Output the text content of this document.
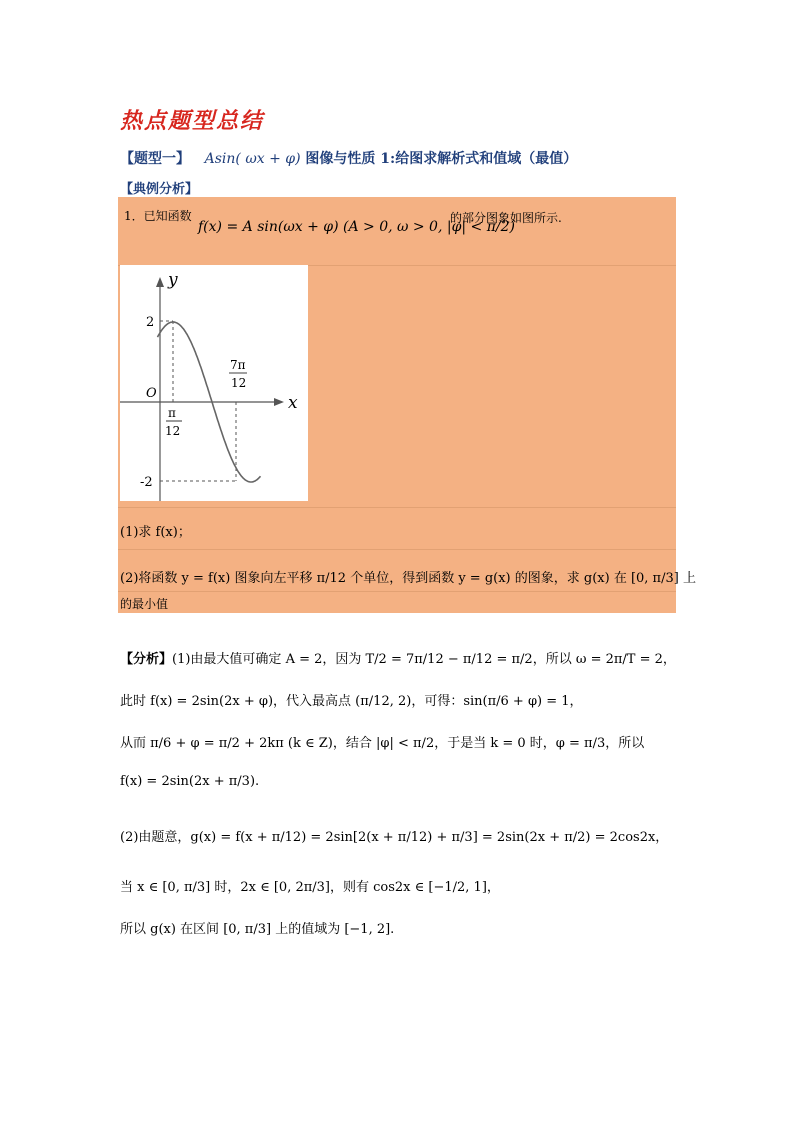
热点题型总结
【题型一】 Asin( ωx + φ) 图像与性质 1:给图求解析式和值域（最值）
【典例分析】
1．已知函数
f(x) = A sin(ωx + φ) (A > 0, ω > 0, |φ| < π/2)
的部分图象如图所示.
y
x
O
2
-2
π
12
7π
12
(1)求 f(x)；
(2)将函数 y = f(x) 图象向左平移 π/12 个单位，得到函数 y = g(x) 的图象，求 g(x) 在 [0, π/3] 上
的最小值
【分析】(1)由最大值可确定 A = 2，因为 T/2 = 7π/12 − π/12 = π/2，所以 ω = 2π/T = 2，
此时 f(x) = 2sin(2x + φ)，代入最高点 (π/12, 2)，可得：sin(π/6 + φ) = 1，
从而 π/6 + φ = π/2 + 2kπ (k ∈ Z)，结合 |φ| < π/2，于是当 k = 0 时，φ = π/3，所以
f(x) = 2sin(2x + π/3).
(2)由题意，g(x) = f(x + π/12) = 2sin[2(x + π/12) + π/3] = 2sin(2x + π/2) = 2cos2x，
当 x ∈ [0, π/3] 时，2x ∈ [0, 2π/3]，则有 cos2x ∈ [−1/2, 1]，
所以 g(x) 在区间 [0, π/3] 上的值域为 [−1, 2].
